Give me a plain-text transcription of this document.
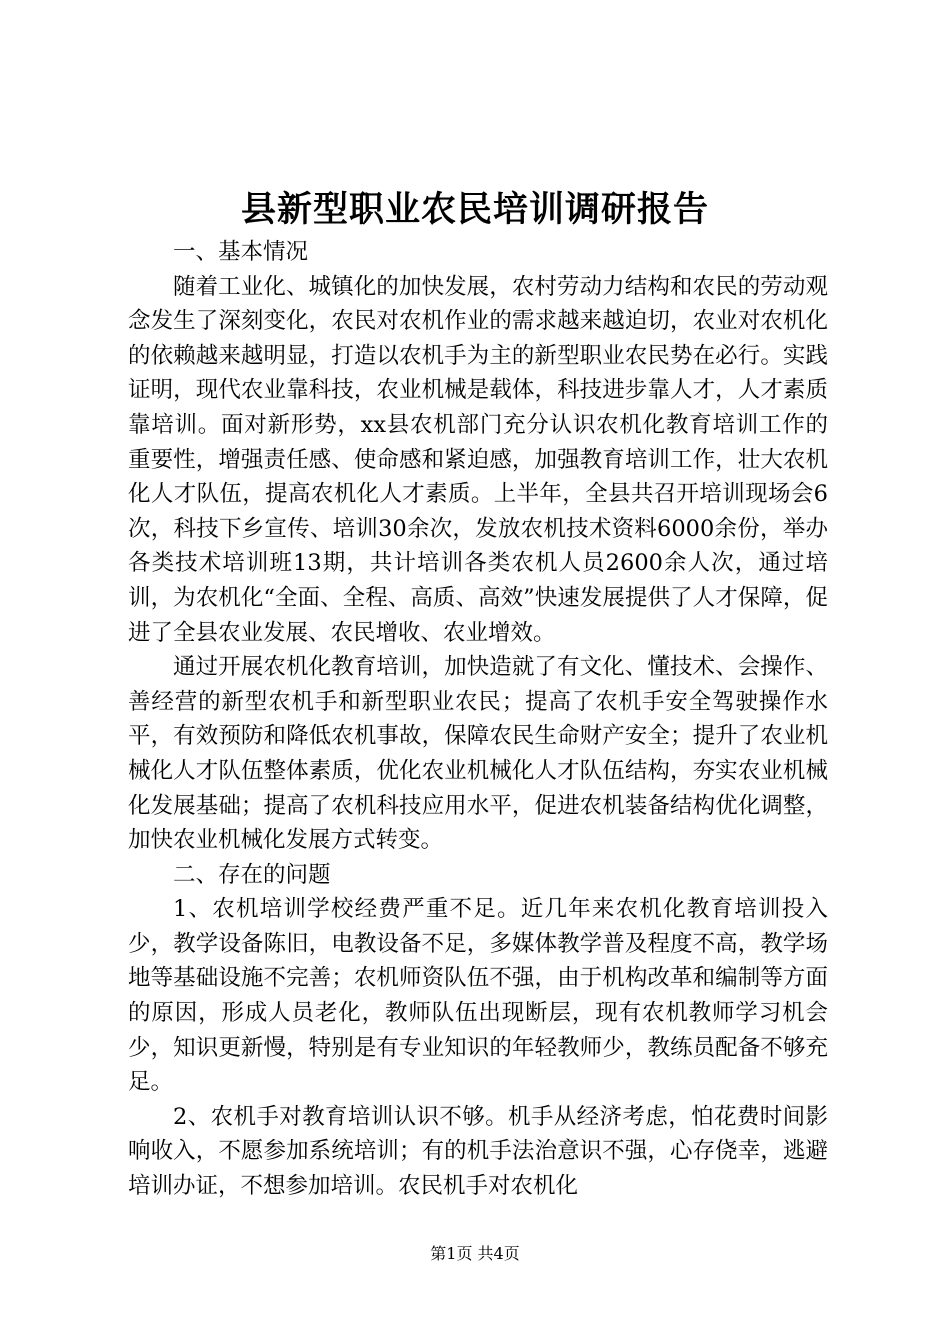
县新型职业农民培训调研报告

一、基本情况

随着工业化、城镇化的加快发展，农村劳动力结构和农民的劳动观念发生了深刻变化，农民对农机作业的需求越来越迫切，农业对农机化的依赖越来越明显，打造以农机手为主的新型职业农民势在必行。实践证明，现代农业靠科技，农业机械是载体，科技进步靠人才，人才素质靠培训。面对新形势，xx县农机部门充分认识农机化教育培训工作的重要性，增强责任感、使命感和紧迫感，加强教育培训工作，壮大农机化人才队伍，提高农机化人才素质。上半年，全县共召开培训现场会6次，科技下乡宣传、培训30余次，发放农机技术资料6000余份，举办各类技术培训班13期，共计培训各类农机人员2600余人次，通过培训，为农机化“全面、全程、高质、高效”快速发展提供了人才保障，促进了全县农业发展、农民增收、农业增效。

通过开展农机化教育培训，加快造就了有文化、懂技术、会操作、善经营的新型农机手和新型职业农民；提高了农机手安全驾驶操作水平，有效预防和降低农机事故，保障农民生命财产安全；提升了农业机械化人才队伍整体素质，优化农业机械化人才队伍结构，夯实农业机械化发展基础；提高了农机科技应用水平，促进农机装备结构优化调整，加快农业机械化发展方式转变。

二、存在的问题

1、农机培训学校经费严重不足。近几年来农机化教育培训投入少，教学设备陈旧，电教设备不足，多媒体教学普及程度不高，教学场地等基础设施不完善；农机师资队伍不强，由于机构改革和编制等方面的原因，形成人员老化，教师队伍出现断层，现有农机教师学习机会少，知识更新慢，特别是有专业知识的年轻教师少，教练员配备不够充足。

2、农机手对教育培训认识不够。机手从经济考虑，怕花费时间影响收入，不愿参加系统培训；有的机手法治意识不强，心存侥幸，逃避培训办证，不想参加培训。农民机手对农机化

第1页 共4页
